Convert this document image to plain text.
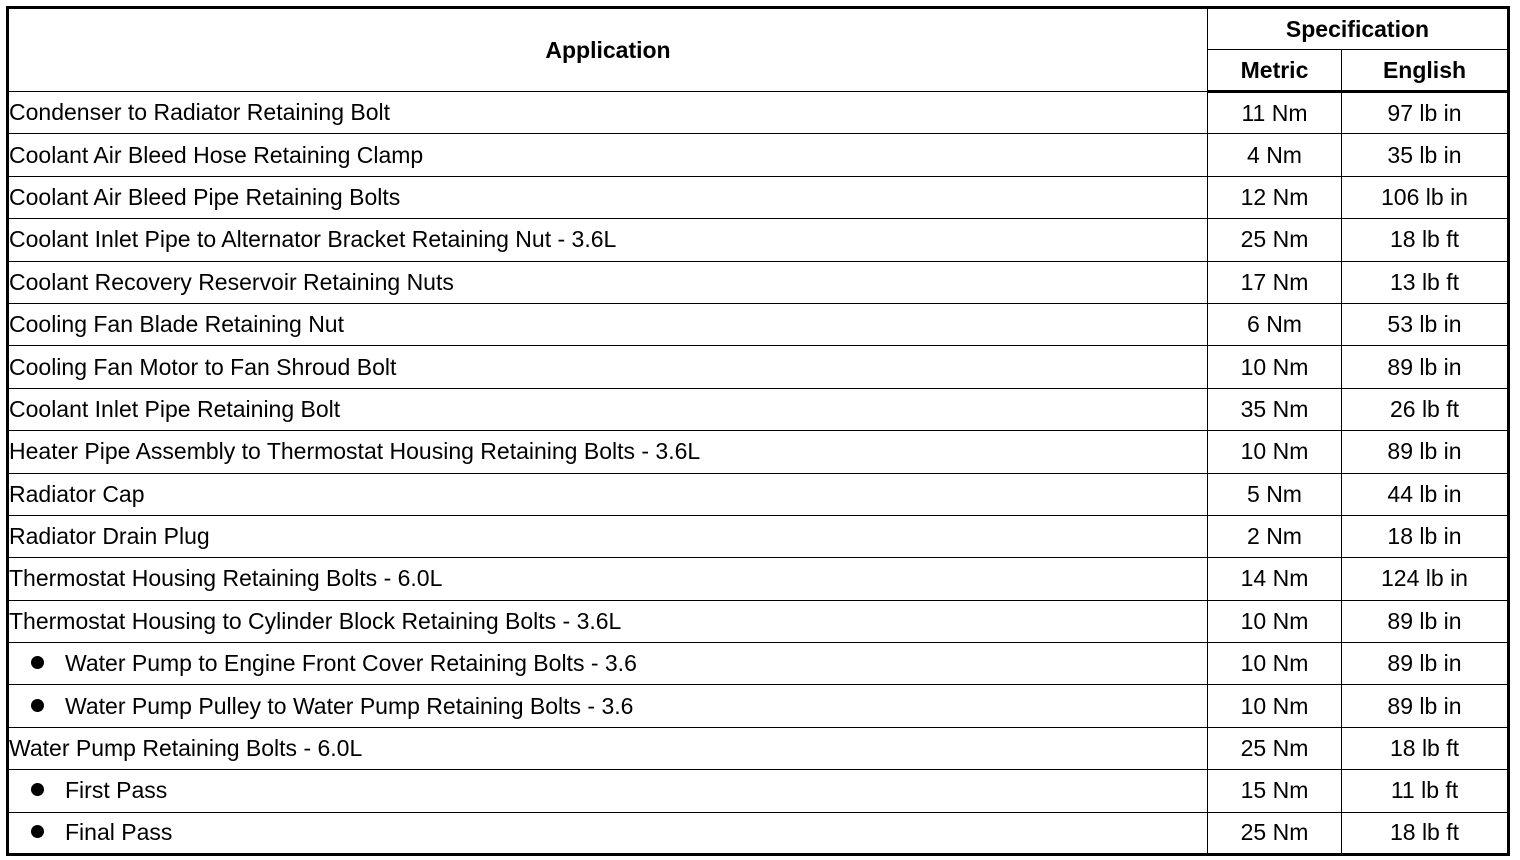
Application	Specification	
	Metric	English
Condenser to Radiator Retaining Bolt	11 Nm	97 lb in
Coolant Air Bleed Hose Retaining Clamp	4 Nm	35 lb in
Coolant Air Bleed Pipe Retaining Bolts	12 Nm	106 lb in
Coolant Inlet Pipe to Alternator Bracket Retaining Nut - 3.6L	25 Nm	18 lb ft
Coolant Recovery Reservoir Retaining Nuts	17 Nm	13 lb ft
Cooling Fan Blade Retaining Nut	6 Nm	53 lb in
Cooling Fan Motor to Fan Shroud Bolt	10 Nm	89 lb in
Coolant Inlet Pipe Retaining Bolt	35 Nm	26 lb ft
Heater Pipe Assembly to Thermostat Housing Retaining Bolts - 3.6L	10 Nm	89 lb in
Radiator Cap	5 Nm	44 lb in
Radiator Drain Plug	2 Nm	18 lb in
Thermostat Housing Retaining Bolts - 6.0L	14 Nm	124 lb in
Thermostat Housing to Cylinder Block Retaining Bolts - 3.6L	10 Nm	89 lb in
Water Pump to Engine Front Cover Retaining Bolts - 3.6	10 Nm	89 lb in
Water Pump Pulley to Water Pump Retaining Bolts - 3.6	10 Nm	89 lb in
Water Pump Retaining Bolts - 6.0L	25 Nm	18 lb ft
First Pass	15 Nm	11 lb ft
Final Pass	25 Nm	18 lb ft
